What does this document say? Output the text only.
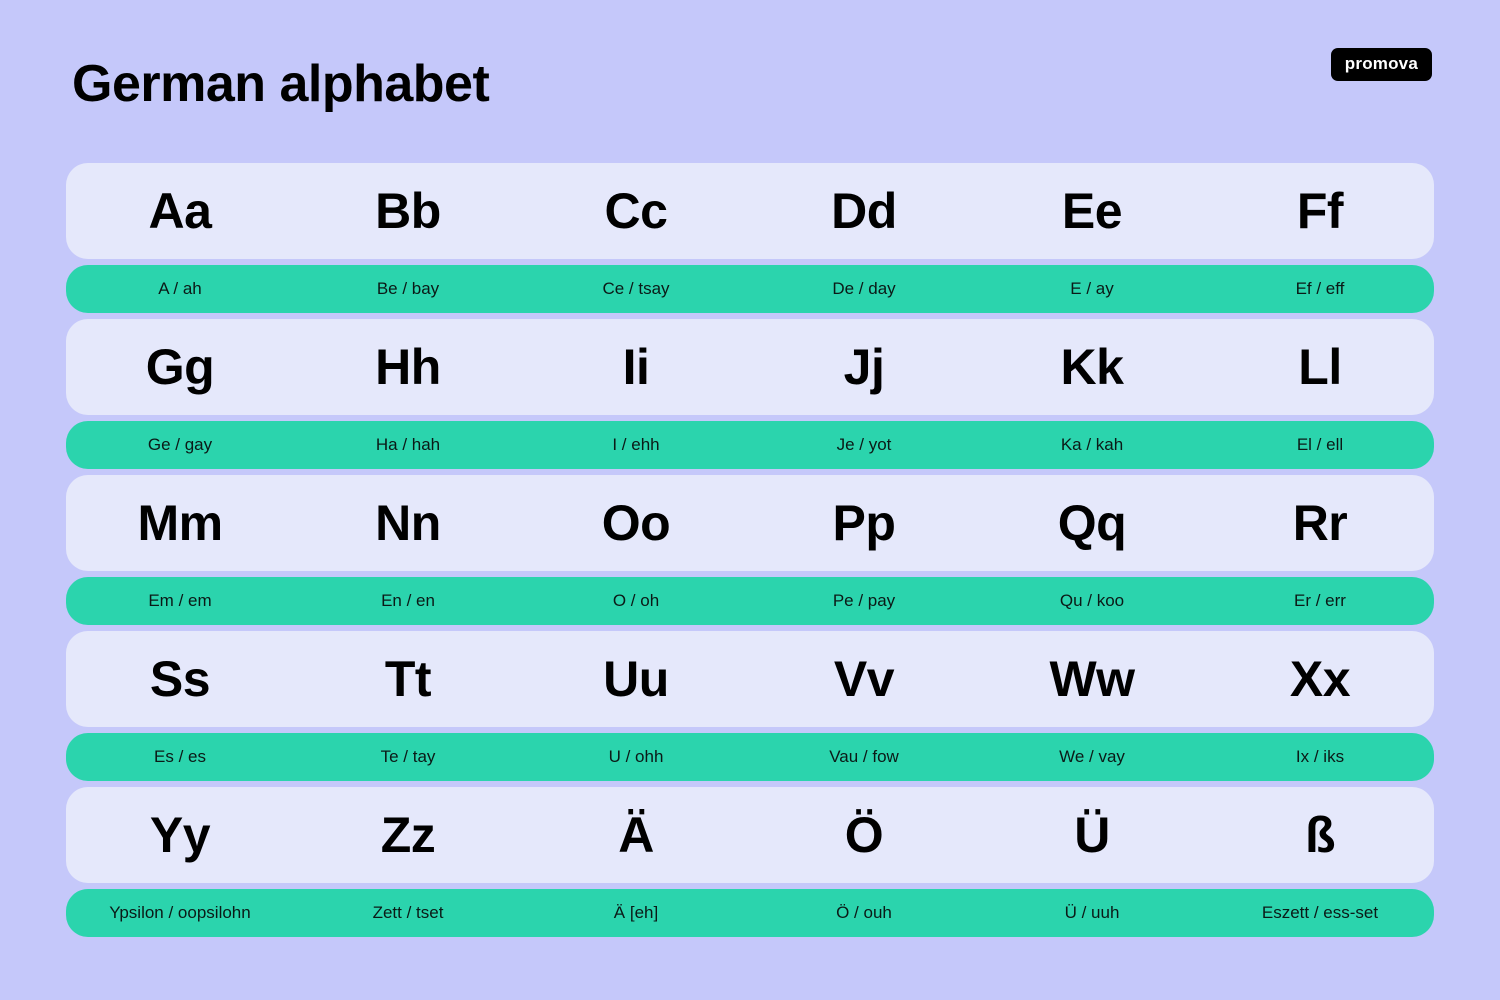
German alphabet	promova
Aa	Bb	Cc	Dd	Ee	Ff
A / ah	Be / bay	Ce / tsay	De / day	E / ay	Ef / eff
Gg	Hh	Ii	Jj	Kk	Ll
Ge / gay	Ha / hah	I / ehh	Je / yot	Ka / kah	El / ell
Mm	Nn	Oo	Pp	Qq	Rr
Em / em	En / en	O / oh	Pe / pay	Qu / koo	Er / err
Ss	Tt	Uu	Vv	Ww	Xx
Es / es	Te / tay	U / ohh	Vau / fow	We / vay	Ix / iks
Yy	Zz	Ä	Ö	Ü	ß
Ypsilon / oopsilohn	Zett / tset	Ä [eh]	Ö / ouh	Ü / uuh	Eszett / ess-set
